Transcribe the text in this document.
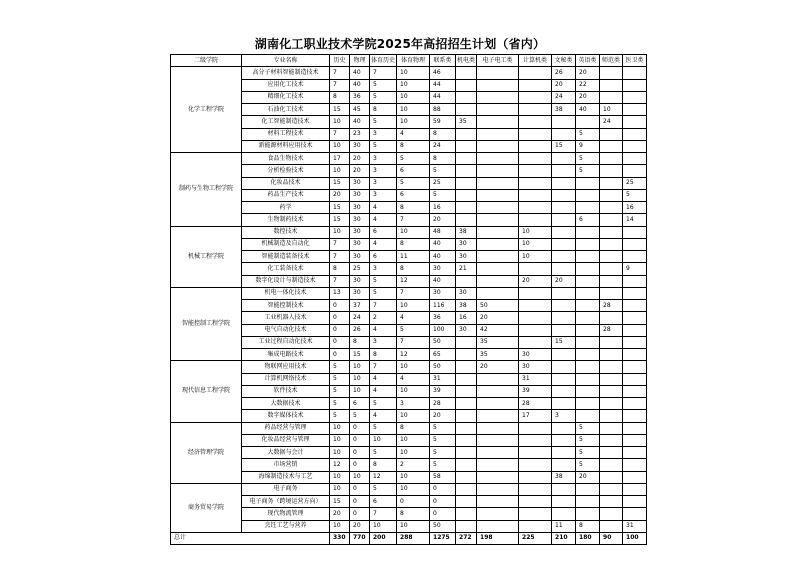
湖南化工职业技术学院2025年高招招生计划（省内）
二级学院	专业名称	历史	物理	体育历史	体育物理	联系类	机电类	电子电工类	计算机类	文秘类	英语类	师范类	医卫类
化学工程学院	高分子材料智能制造技术	7	40	7	10	46				26	20		
	应用化工技术	7	40	5	10	44				20	22		
	精细化工技术	8	36	5	10	44				24	20		
	石油化工技术	15	45	8	10	88				38	40	10	
	化工智能制造技术	10	40	5	10	59	35					24	
	材料工程技术	7	23	3	4	8					5		
	新能源材料应用技术	10	30	5	8	24				15	9		
制药与生物工程学院	食品生物技术	17	20	3	5	8					5		
	分析检验技术	10	20	3	6	5					5		
	化妆品技术	15	30	3	5	25							25
	药品生产技术	20	30	3	6	5							5
	药学	15	30	4	8	16							16
	生物制药技术	15	30	4	7	20					6		14
机械工程学院	数控技术	10	30	6	10	48	38		10				
	机械制造及自动化	7	30	4	8	40	30		10				
	智能制造装备技术	7	30	6	11	40	30		10				
	化工装备技术	8	25	3	8	30	21						9
	数字化设计与制造技术	7	30	5	12	40			20	20			
智能控制工程学院	机电一体化技术	13	30	5	7	30	30						
	智能控制技术	0	37	7	10	116	38	50				28	
	工业机器人技术	0	24	2	4	36	16	20					
	电气自动化技术	0	26	4	5	100	30	42				28	
	工业过程自动化技术	0	8	3	7	50		35		15			
	集成电路技术	0	15	8	12	65		35	30				
现代信息工程学院	物联网应用技术	5	10	7	10	50		20	30				
	计算机网络技术	5	10	4	4	31			31				
	软件技术	5	10	4	10	39			39				
	大数据技术	5	6	5	3	28			28				
	数字媒体技术	5	5	4	10	20			17	3			
经济管理学院	药品经营与管理	10	0	5	8	5					5		
	化妆品经营与管理	10	0	10	10	5					5		
	大数据与会计	10	0	5	10	5					5		
	市场营销	12	0	8	2	5					5		
	海绵制造技术与工艺	10	10	12	10	58				38	20		
商务贸易学院	电子商务	10	0	5	10	0							
	电子商务（跨境运营方向）	15	0	6	0	0							
	现代物流管理	20	0	7	8	0							
	烹饪工艺与营养	10	20	10	10	50				11	8		31
总计		330	770	200	288	1275	272	198	225	210	180	90	100
